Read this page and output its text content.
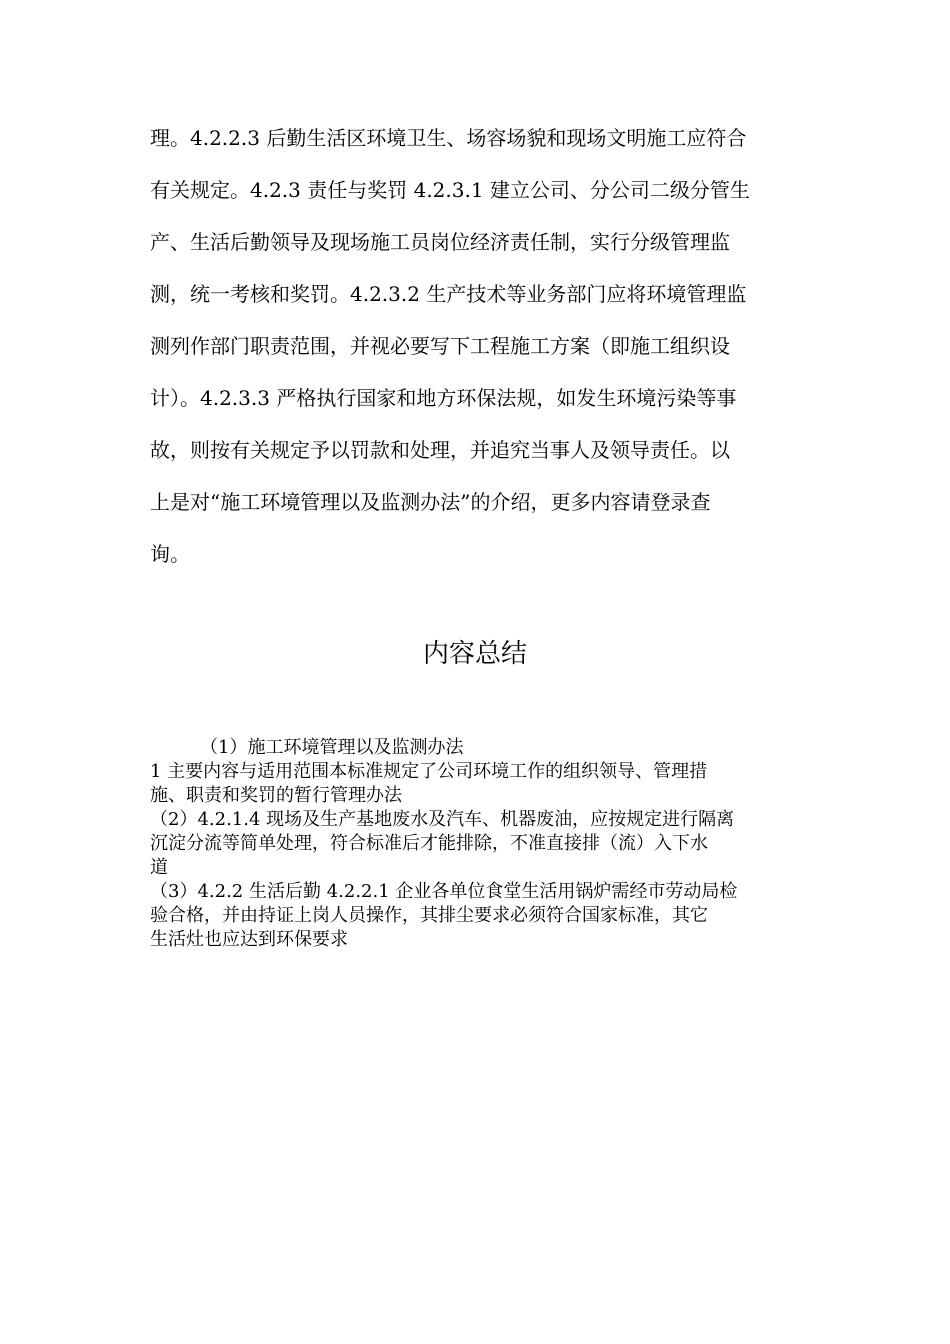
理。4.2.2.3 后勤生活区环境卫生、场容场貌和现场文明施工应符合
有关规定。4.2.3 责任与奖罚 4.2.3.1 建立公司、分公司二级分管生
产、生活后勤领导及现场施工员岗位经济责任制，实行分级管理监
测，统一考核和奖罚。4.2.3.2 生产技术等业务部门应将环境管理监
测列作部门职责范围，并视必要写下工程施工方案（即施工组织设
计）。4.2.3.3 严格执行国家和地方环保法规，如发生环境污染等事
故，则按有关规定予以罚款和处理，并追究当事人及领导责任。以
上是对“施工环境管理以及监测办法”的介绍，更多内容请登录查
询。
内容总结
（1）施工环境管理以及监测办法
1 主要内容与适用范围本标准规定了公司环境工作的组织领导、管理措
施、职责和奖罚的暂行管理办法
（2）4.2.1.4 现场及生产基地废水及汽车、机器废油，应按规定进行隔离
沉淀分流等简单处理，符合标准后才能排除，不准直接排（流）入下水
道
（3）4.2.2 生活后勤 4.2.2.1 企业各单位食堂生活用锅炉需经市劳动局检
验合格，并由持证上岗人员操作，其排尘要求必须符合国家标准，其它
生活灶也应达到环保要求
